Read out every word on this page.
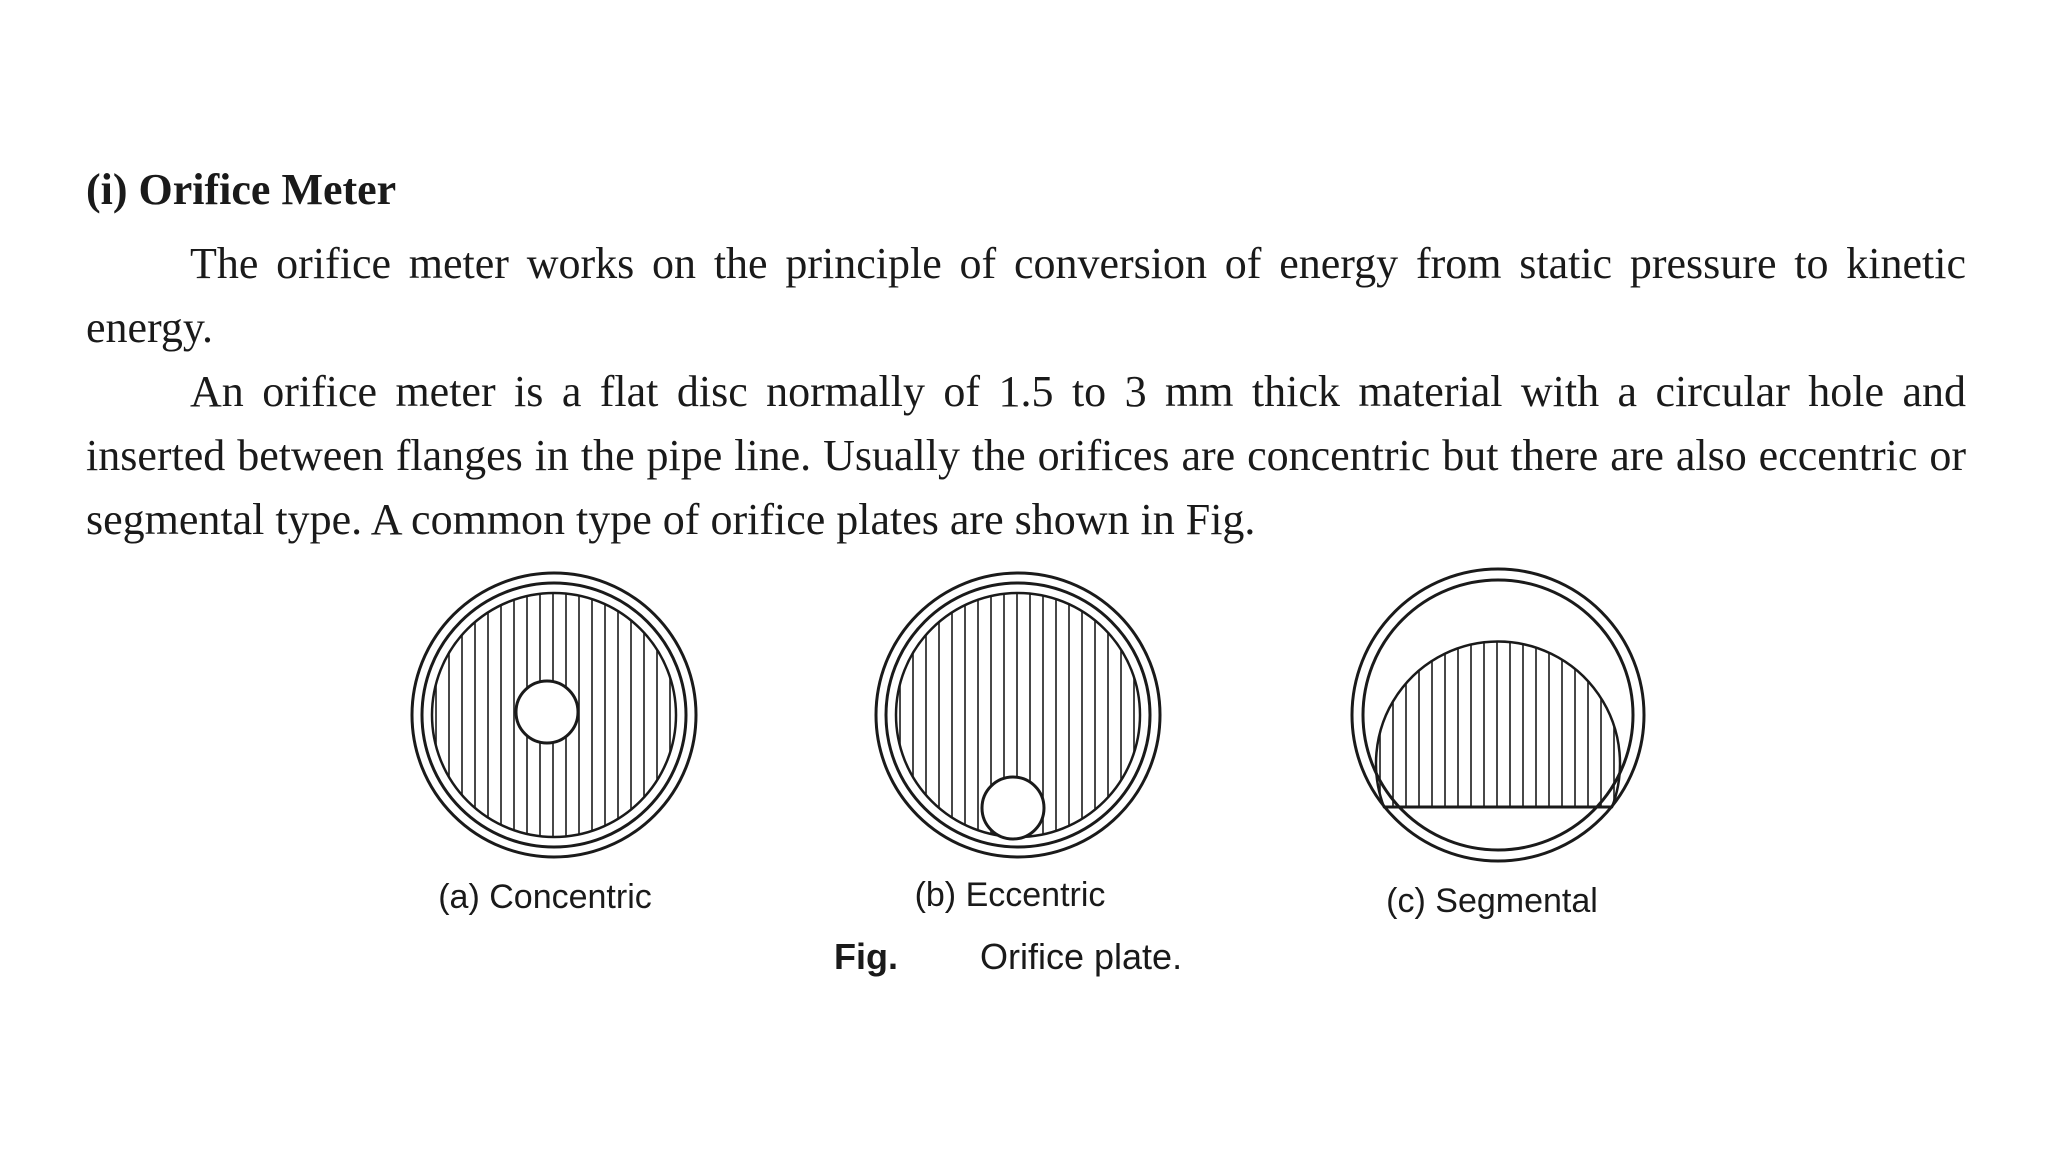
(i) Orifice Meter

The orifice meter works on the principle of conversion of energy from static pressure to kinetic energy.

An orifice meter is a flat disc normally of 1.5 to 3 mm thick material with a circular hole and inserted between flanges in the pipe line. Usually the orifices are concentric but there are also eccentric or segmental type. A common type of orifice plates are shown in Fig.

(a) Concentric	(b) Eccentric	(c) Segmental
Fig. Orifice plate.
